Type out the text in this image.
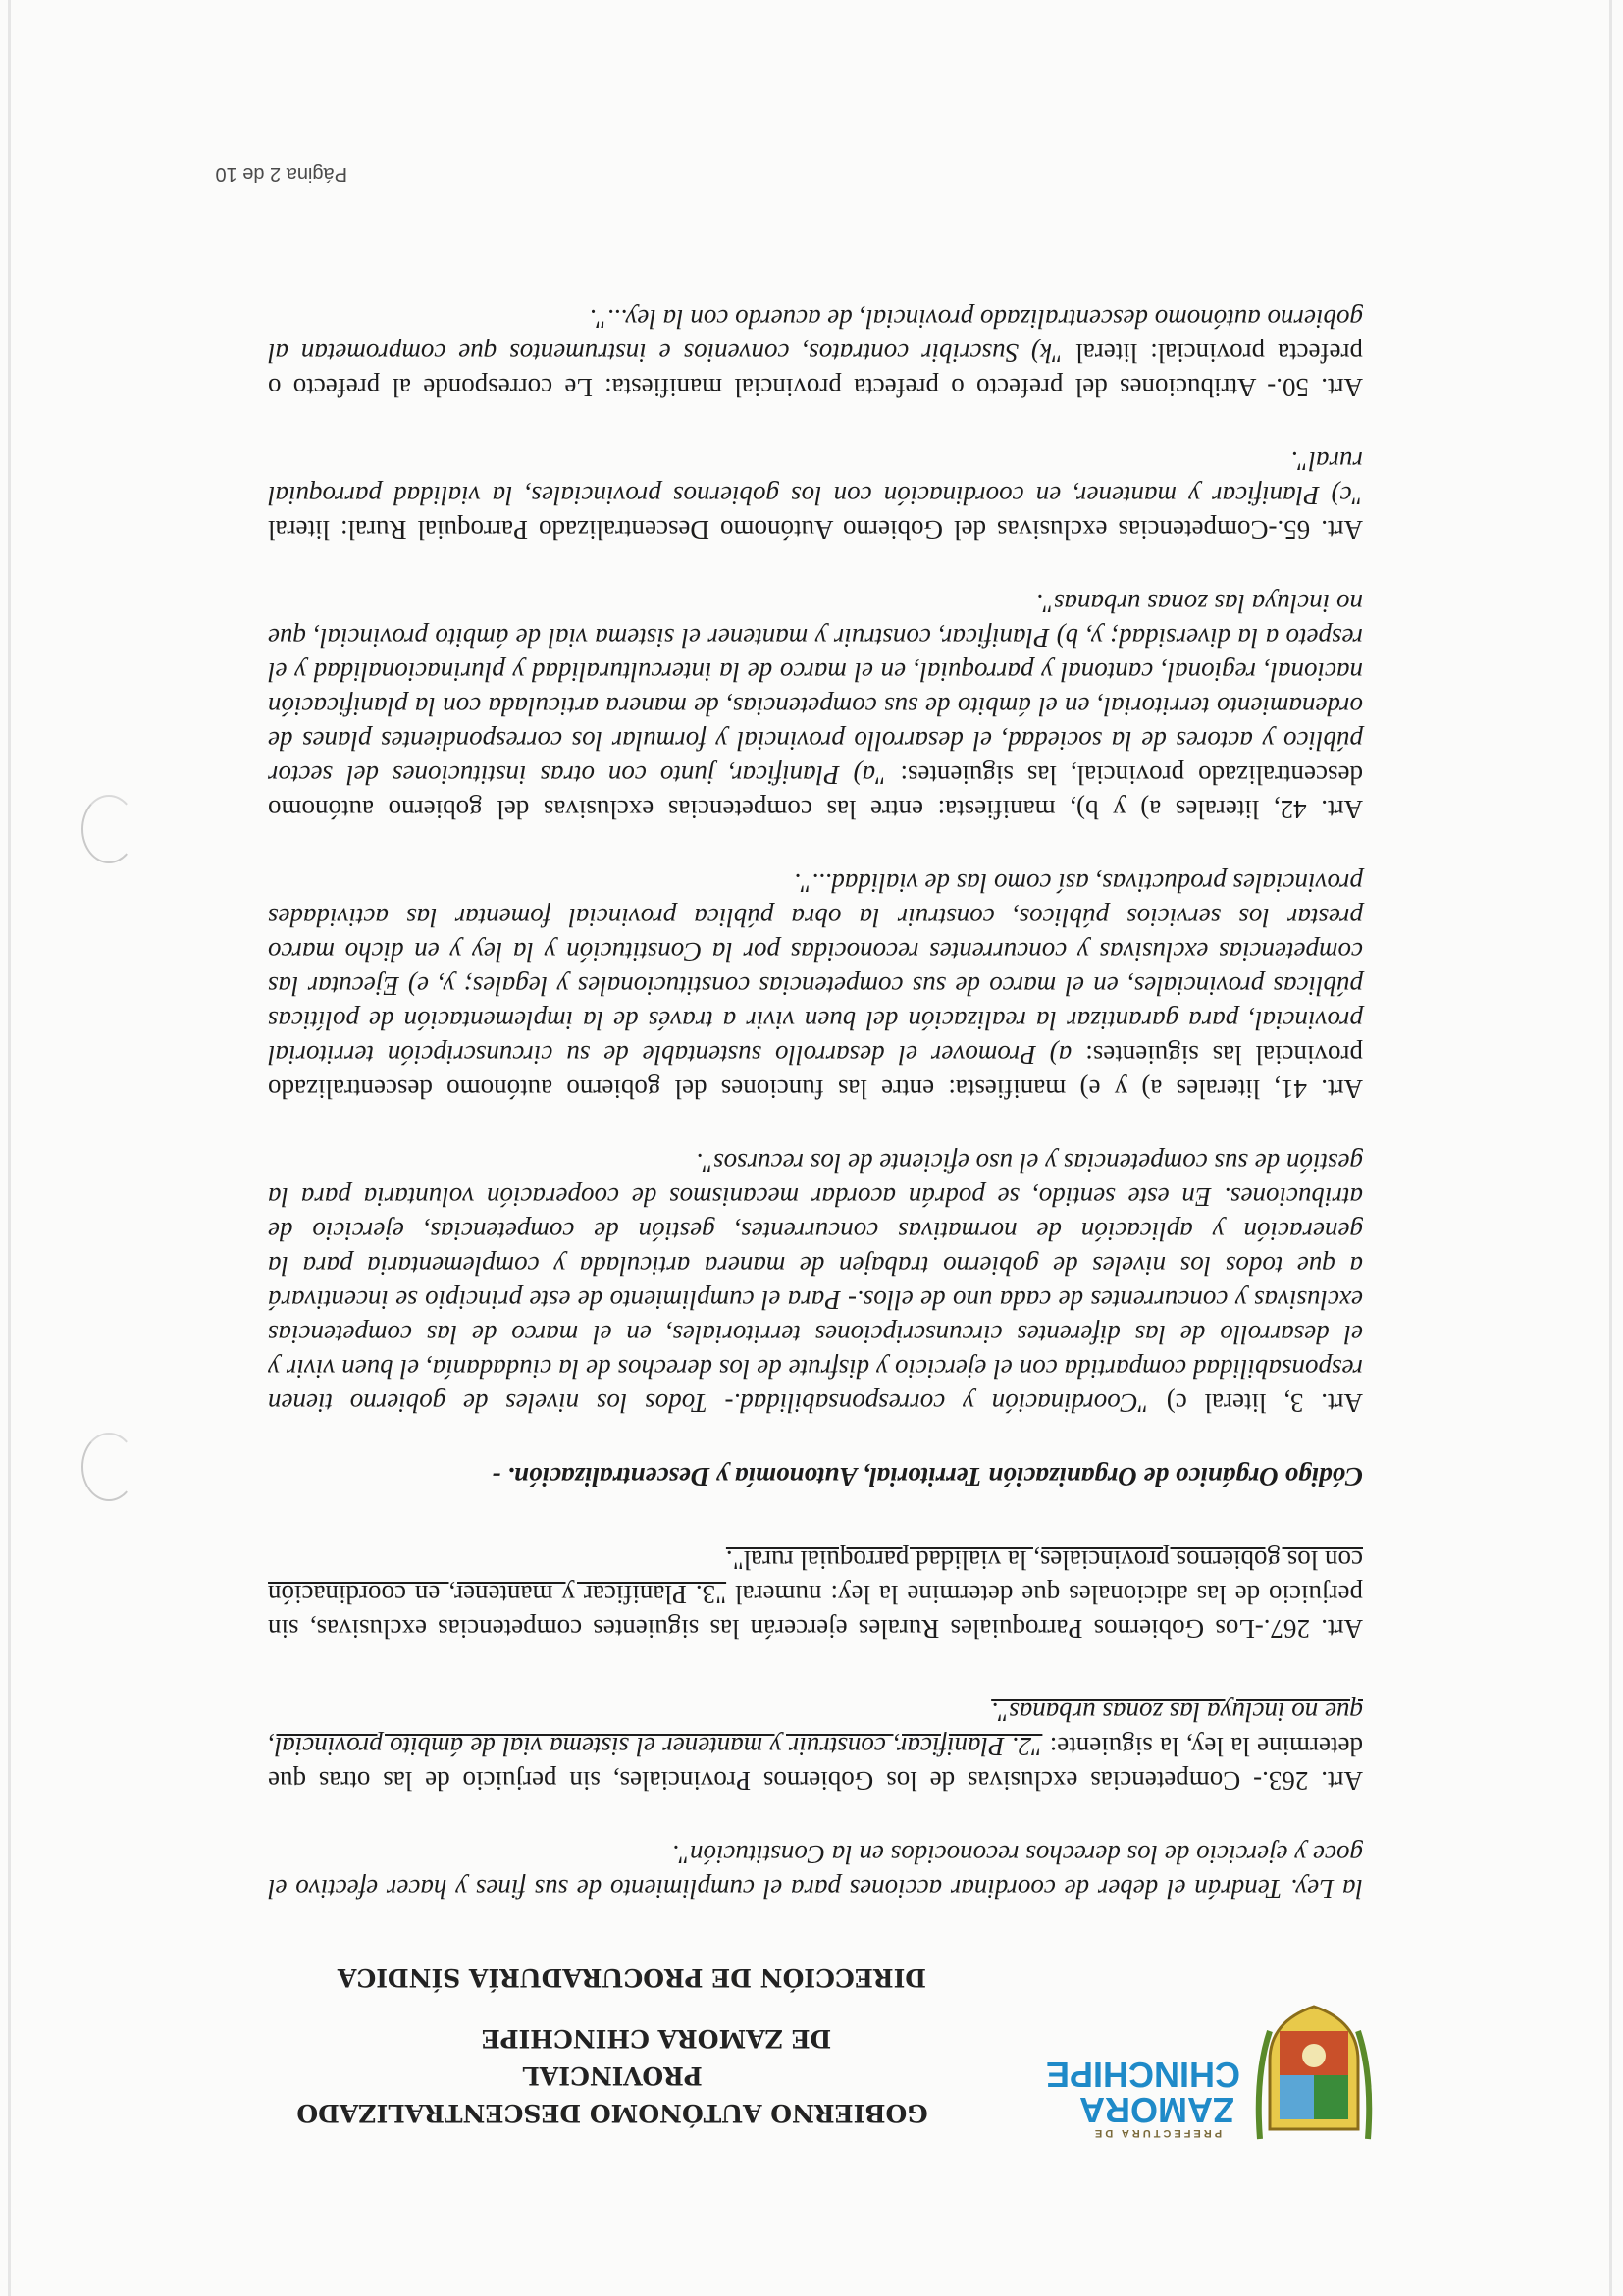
PREFECTURA DE
ZAMORA
CHINCHIPE
GOBIERNO AUTÓNOMO DESCENTRALIZADO PROVINCIAL
DE ZAMORA CHINCHIPE
DIRECCIÓN DE PROCURADURÍA SÍNDICA

la Ley. Tendrán el deber de coordinar acciones para el cumplimiento de sus fines y hacer efectivo el goce y ejercicio de los derechos reconocidos en la Constitución".

Art. 263.- Competencias exclusivas de los Gobiernos Provinciales, sin perjuicio de las otras que determine la ley, la siguiente: "2. Planificar, construir y mantener el sistema vial de ámbito provincial, que no incluya las zonas urbanas".

Art. 267.-Los Gobiernos Parroquiales Rurales ejercerán las siguientes competencias exclusivas, sin perjuicio de las adicionales que determine la ley: numeral "3. Planificar y mantener, en coordinación con los gobiernos provinciales, la vialidad parroquial rural".

Código Orgánico de Organización Territorial, Autonomía y Descentralización. -

Art. 3, literal c) "Coordinación y corresponsabilidad.- Todos los niveles de gobierno tienen responsabilidad compartida con el ejercicio y disfrute de los derechos de la ciudadanía, el buen vivir y el desarrollo de las diferentes circunscripciones territoriales, en el marco de las competencias exclusivas y concurrentes de cada uno de ellos.- Para el cumplimiento de este principio se incentivará a que todos los niveles de gobierno trabajen de manera articulada y complementaria para la generación y aplicación de normativas concurrentes, gestión de competencias, ejercicio de atribuciones. En este sentido, se podrán acordar mecanismos de cooperación voluntaria para la gestión de sus competencias y el uso eficiente de los recursos".

Art. 41, literales a) y e) manifiesta: entre las funciones del gobierno autónomo descentralizado provincial las siguientes: a) Promover el desarrollo sustentable de su circunscripción territorial provincial, para garantizar la realización del buen vivir a través de la implementación de políticas públicas provinciales, en el marco de sus competencias constitucionales y legales; y, e) Ejecutar las competencias exclusivas y concurrentes reconocidas por la Constitución y la ley y en dicho marco prestar los servicios públicos, construir la obra pública provincial fomentar las actividades provinciales productivas, así como las de vialidad...".

Art. 42, literales a) y b), manifiesta: entre las competencias exclusivas del gobierno autónomo descentralizado provincial, las siguientes: "a) Planificar, junto con otras instituciones del sector público y actores de la sociedad, el desarrollo provincial y formular los correspondientes planes de ordenamiento territorial, en el ámbito de sus competencias, de manera articulada con la planificación nacional, regional, cantonal y parroquial, en el marco de la interculturalidad y plurinacionalidad y el respeto a la diversidad; y, b) Planificar, construir y mantener el sistema vial de ámbito provincial, que no incluya las zonas urbanas".

Art. 65.-Competencias exclusivas del Gobierno Autónomo Descentralizado Parroquial Rural: literal "c) Planificar y mantener, en coordinación con los gobiernos provinciales, la vialidad parroquial rural".

Art. 50.- Atribuciones del prefecto o prefecta provincial manifiesta: Le corresponde al prefecto o prefecta provincial: literal "k) Suscribir contratos, convenios e instrumentos que comprometan al gobierno autónomo descentralizado provincial, de acuerdo con la ley...".

Página 2 de 10
